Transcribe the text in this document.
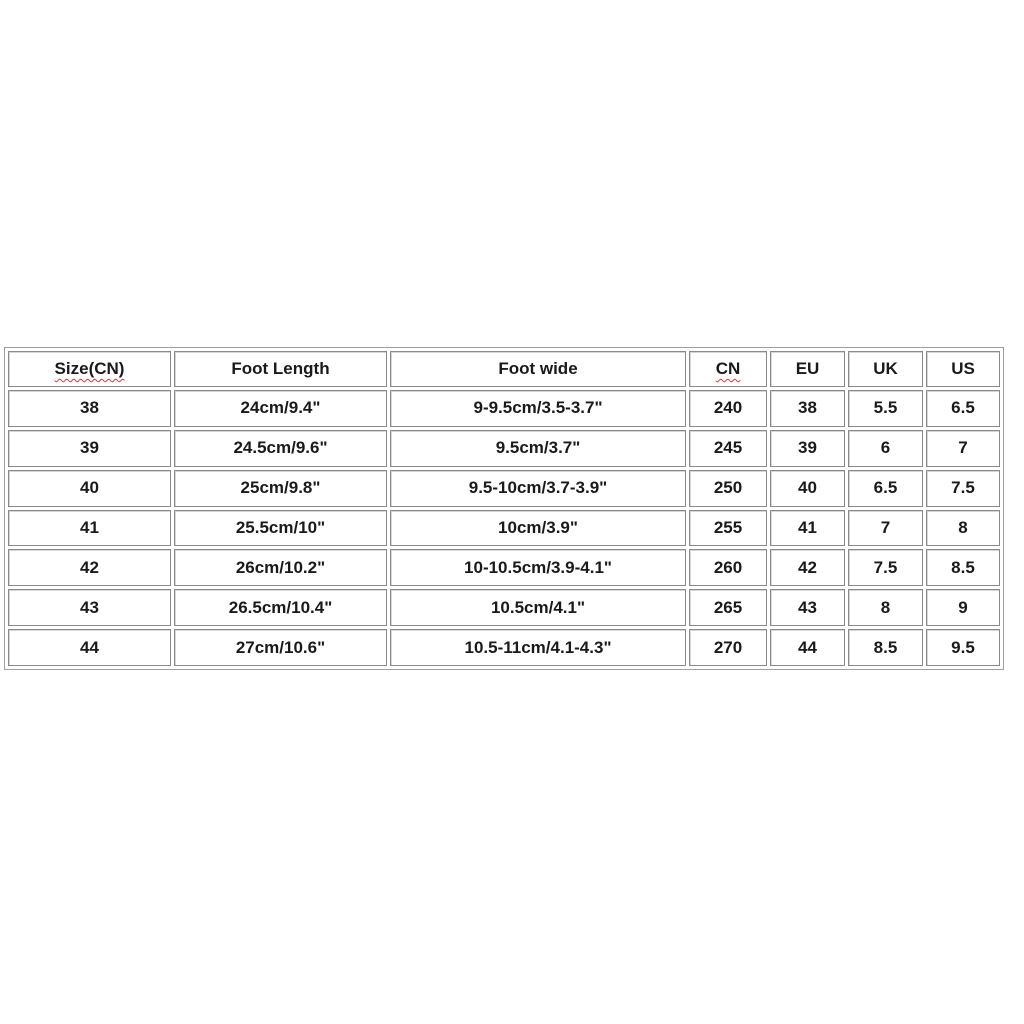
Size(CN)	Foot Length	Foot wide	CN	EU	UK	US
38	24cm/9.4"	9-9.5cm/3.5-3.7"	240	38	5.5	6.5
39	24.5cm/9.6"	9.5cm/3.7"	245	39	6	7
40	25cm/9.8"	9.5-10cm/3.7-3.9"	250	40	6.5	7.5
41	25.5cm/10"	10cm/3.9"	255	41	7	8
42	26cm/10.2"	10-10.5cm/3.9-4.1"	260	42	7.5	8.5
43	26.5cm/10.4"	10.5cm/4.1"	265	43	8	9
44	27cm/10.6"	10.5-11cm/4.1-4.3"	270	44	8.5	9.5
